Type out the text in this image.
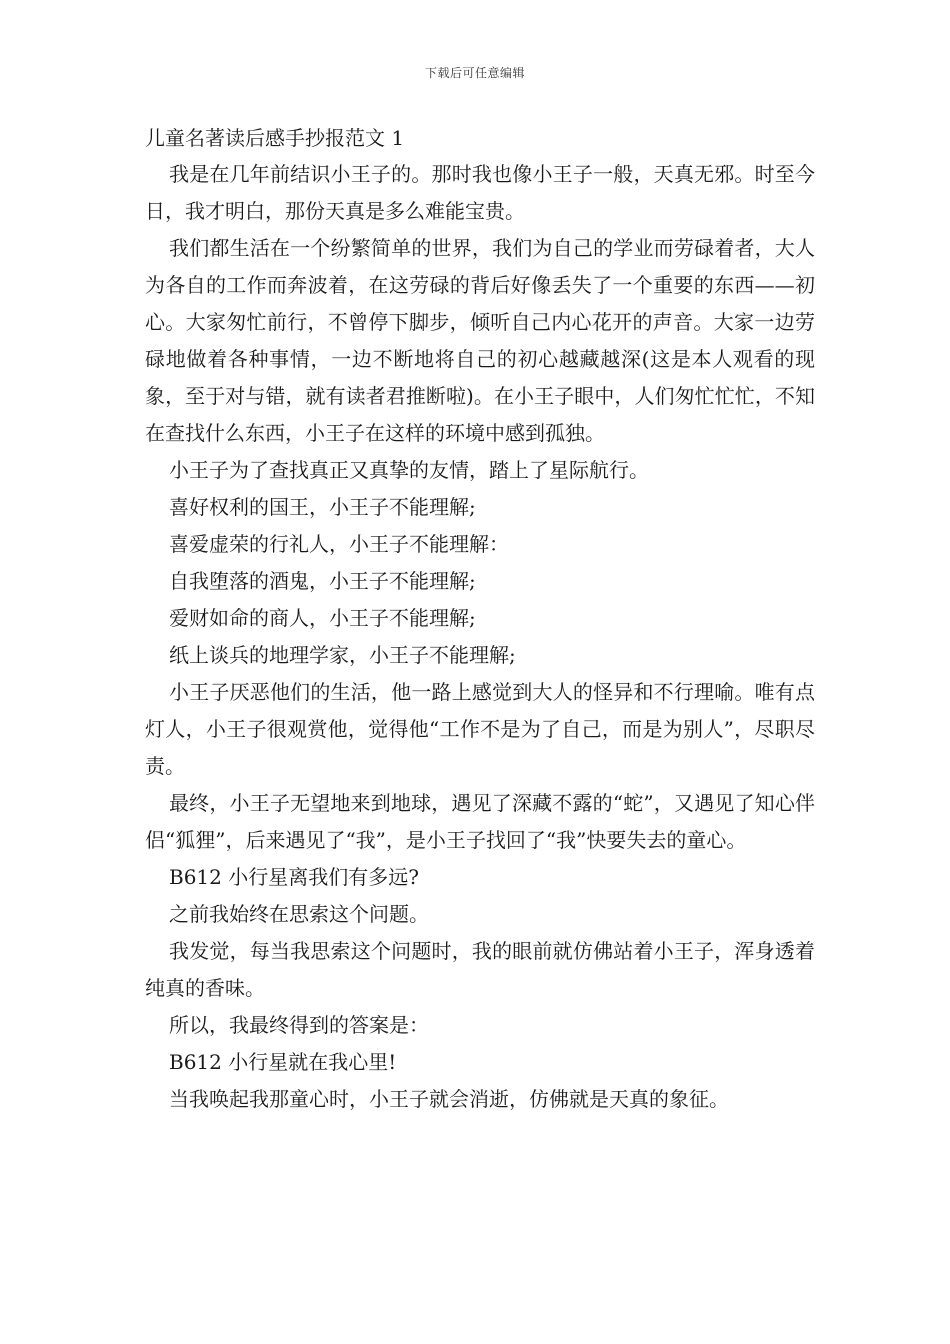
下载后可任意编辑
儿童名著读后感手抄报范文 1

我是在几年前结识小王子的。那时我也像小王子一般，天真无邪。时至今日，我才明白，那份天真是多么难能宝贵。

我们都生活在一个纷繁简单的世界，我们为自己的学业而劳碌着者，大人为各自的工作而奔波着，在这劳碌的背后好像丢失了一个重要的东西——初心。大家匆忙前行，不曾停下脚步，倾听自己内心花开的声音。大家一边劳碌地做着各种事情，一边不断地将自己的初心越藏越深(这是本人观看的现象，至于对与错，就有读者君推断啦)。在小王子眼中，人们匆忙忙忙，不知在查找什么东西，小王子在这样的环境中感到孤独。

小王子为了查找真正又真挚的友情，踏上了星际航行。

喜好权利的国王，小王子不能理解;

喜爱虚荣的行礼人，小王子不能理解：

自我堕落的酒鬼，小王子不能理解;

爱财如命的商人，小王子不能理解;

纸上谈兵的地理学家，小王子不能理解;

小王子厌恶他们的生活，他一路上感觉到大人的怪异和不行理喻。唯有点灯人，小王子很观赏他，觉得他“工作不是为了自己，而是为别人”，尽职尽责。

最终，小王子无望地来到地球，遇见了深藏不露的“蛇”，又遇见了知心伴侣“狐狸”，后来遇见了“我”，是小王子找回了“我”快要失去的童心。

B612 小行星离我们有多远?

之前我始终在思索这个问题。

我发觉，每当我思索这个问题时，我的眼前就仿佛站着小王子，浑身透着纯真的香味。

所以，我最终得到的答案是：

B612 小行星就在我心里!

当我唤起我那童心时，小王子就会消逝，仿佛就是天真的象征。
